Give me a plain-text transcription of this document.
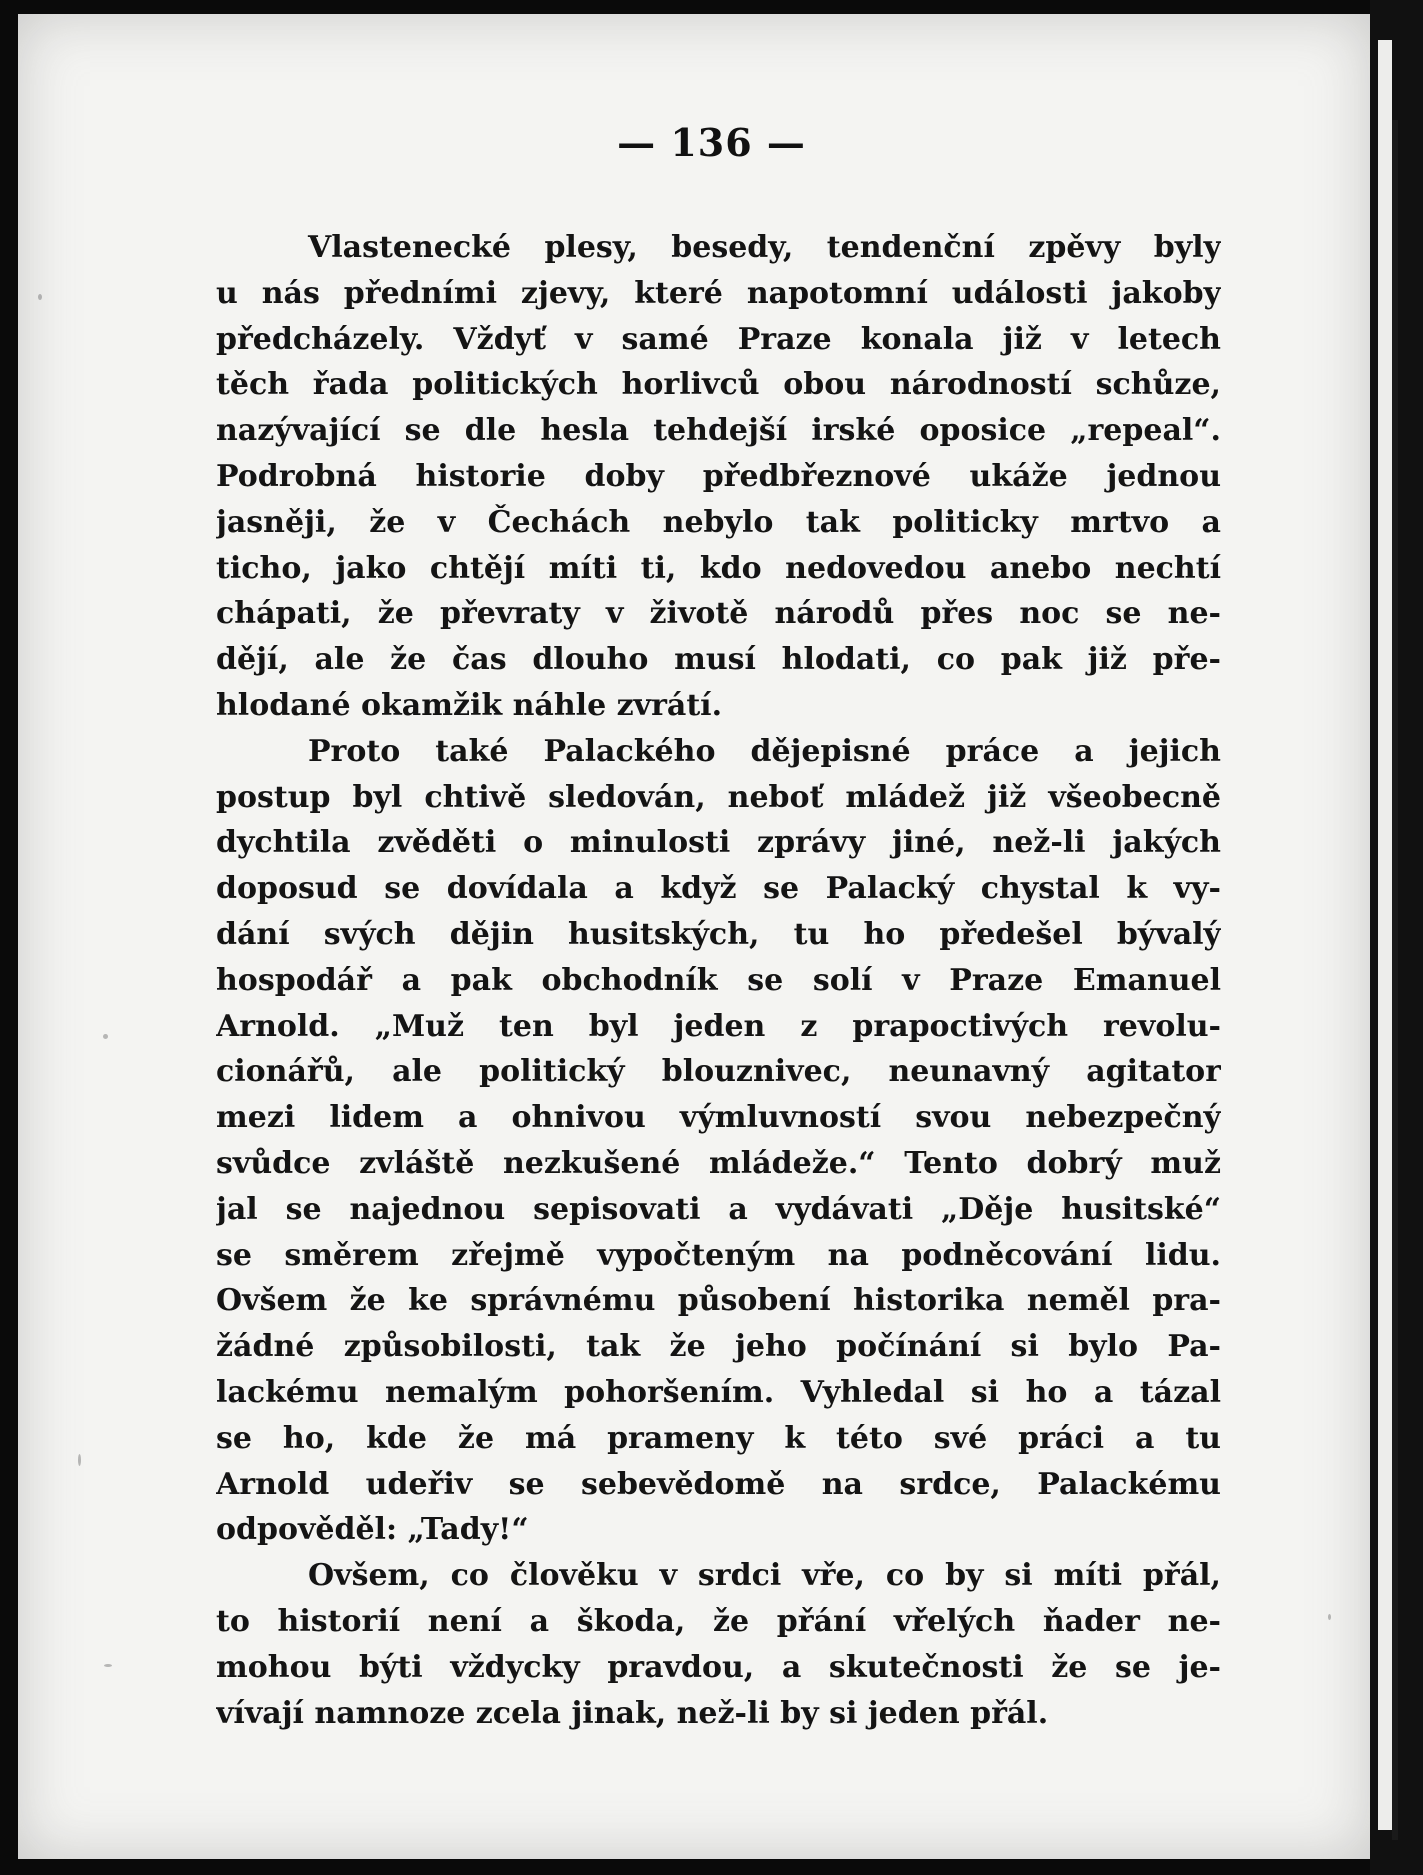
— 136 —
Vlastenecké plesy, besedy, tendenční zpěvy byly
u nás předními zjevy, které napotomní události jakoby
předcházely. Vždyť v samé Praze konala již v letech
těch řada politických horlivců obou národností schůze,
nazývající se dle hesla tehdejší irské oposice „repeal“.
Podrobná historie doby předbřeznové ukáže jednou
jasněji, že v Čechách nebylo tak politicky mrtvo a
ticho, jako chtějí míti ti, kdo nedovedou anebo nechtí
chápati, že převraty v životě národů přes noc se ne-
dějí, ale že čas dlouho musí hlodati, co pak již pře-
hlodané okamžik náhle zvrátí.
Proto také Palackého dějepisné práce a jejich
postup byl chtivě sledován, neboť mládež již všeobecně
dychtila zvěděti o minulosti zprávy jiné, než-li jakých
doposud se dovídala a když se Palacký chystal k vy-
dání svých dějin husitských, tu ho předešel bývalý
hospodář a pak obchodník se solí v Praze Emanuel
Arnold. „Muž ten byl jeden z prapoctivých revolu-
cionářů, ale politický blouznivec, neunavný agitator
mezi lidem a ohnivou výmluvností svou nebezpečný
svůdce zvláště nezkušené mládeže.“ Tento dobrý muž
jal se najednou sepisovati a vydávati „Děje husitské“
se směrem zřejmě vypočteným na podněcování lidu.
Ovšem že ke správnému působení historika neměl pra-
žádné způsobilosti, tak že jeho počínání si bylo Pa-
lackému nemalým pohoršením. Vyhledal si ho a tázal
se ho, kde že má prameny k této své práci a tu
Arnold udeřiv se sebevědomě na srdce, Palackému
odpověděl: „Tady!“
Ovšem, co člověku v srdci vře, co by si míti přál,
to historií není a škoda, že přání vřelých ňader ne-
mohou býti vždycky pravdou, a skutečnosti že se je-
vívají namnoze zcela jinak, než-li by si jeden přál.
